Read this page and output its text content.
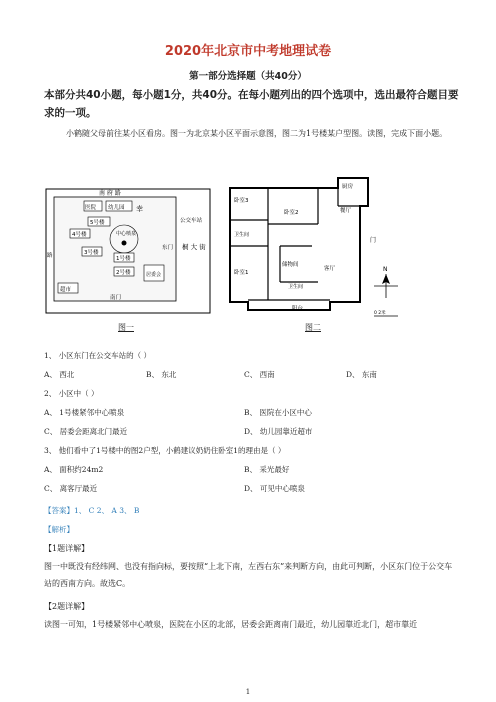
2020年北京市中考地理试卷
第一部分选择题（共40分）
本部分共40小题，每小题1分，共40分。在每小题列出的四个选项中，选出最符合题目要求的一项。
小鹤随父母前往某小区看房。图一为北京某小区平面示意图，图二为1号楼某户型图。读图，完成下面小题。
南 府 路
幼儿园 幸
公交车站
医院
5号楼
中心喷泉
4号楼
3号楼
1号楼
2号楼
东门 桐 大 街
居委会
超市
南门
路
图一
厨房
卧室3
卧室2	餐厅
卫生间
储物间
卧室1
客厅
卫生间
门
阳台
N
0 2米
图二
1、 小区东门在公交车站的（ ）
A、 西北	B、 东北	C、 西南	D、 东南
2、 小区中（ ）
A、 1号楼紧邻中心喷泉	B、 医院在小区中心
C、 居委会距离北门最近	D、 幼儿园靠近超市
3、 他们看中了1号楼中的图2户型，小鹤建议奶奶住卧室1的理由是（ ）
A、 面积约24m2	B、 采光最好
C、 离客厅最近	D、 可见中心喷泉
【答案】1、 C 2、 A 3、 B
【解析】
【1题详解】
图一中既没有经纬网、也没有指向标，要按照“上北下南，左西右东”来判断方向，由此可判断，小区东门位于公交车站的西南方向。故选C。
【2题详解】
读图一可知，1号楼紧邻中心喷泉，医院在小区的北部，居委会距离南门最近，幼儿园靠近北门，超市靠近
1
